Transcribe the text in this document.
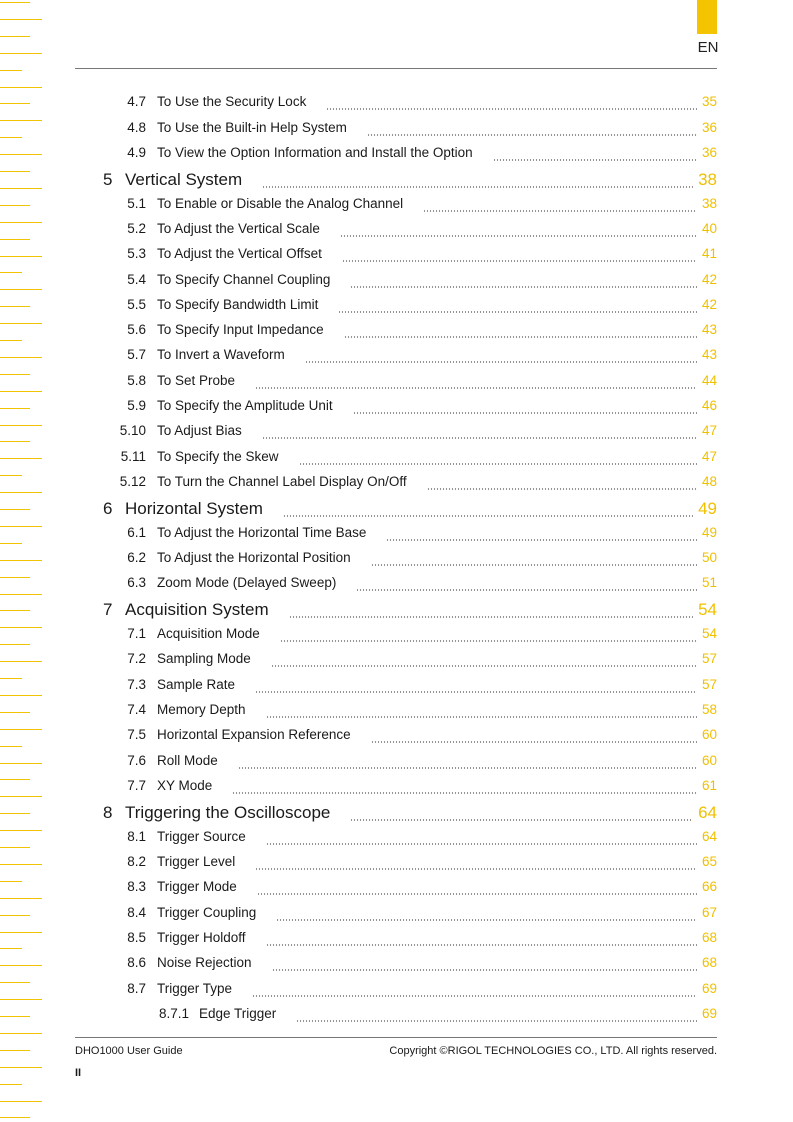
EN
4.7 To Use the Security Lock	35
4.8 To Use the Built-in Help System	36
4.9 To View the Option Information and Install the Option	36
5 Vertical System	38
5.1 To Enable or Disable the Analog Channel	38
5.2 To Adjust the Vertical Scale	40
5.3 To Adjust the Vertical Offset	41
5.4 To Specify Channel Coupling	42
5.5 To Specify Bandwidth Limit	42
5.6 To Specify Input Impedance	43
5.7 To Invert a Waveform	43
5.8 To Set Probe	44
5.9 To Specify the Amplitude Unit	46
5.10 To Adjust Bias	47
5.11 To Specify the Skew	47
5.12 To Turn the Channel Label Display On/Off	48
6 Horizontal System	49
6.1 To Adjust the Horizontal Time Base	49
6.2 To Adjust the Horizontal Position	50
6.3 Zoom Mode (Delayed Sweep)	51
7 Acquisition System	54
7.1 Acquisition Mode	54
7.2 Sampling Mode	57
7.3 Sample Rate	57
7.4 Memory Depth	58
7.5 Horizontal Expansion Reference	60
7.6 Roll Mode	60
7.7 XY Mode	61
8 Triggering the Oscilloscope	64
8.1 Trigger Source	64
8.2 Trigger Level	65
8.3 Trigger Mode	66
8.4 Trigger Coupling	67
8.5 Trigger Holdoff	68
8.6 Noise Rejection	68
8.7 Trigger Type	69
8.7.1 Edge Trigger	69
DHO1000 User Guide	Copyright ©RIGOL TECHNOLOGIES CO., LTD. All rights reserved.
II
